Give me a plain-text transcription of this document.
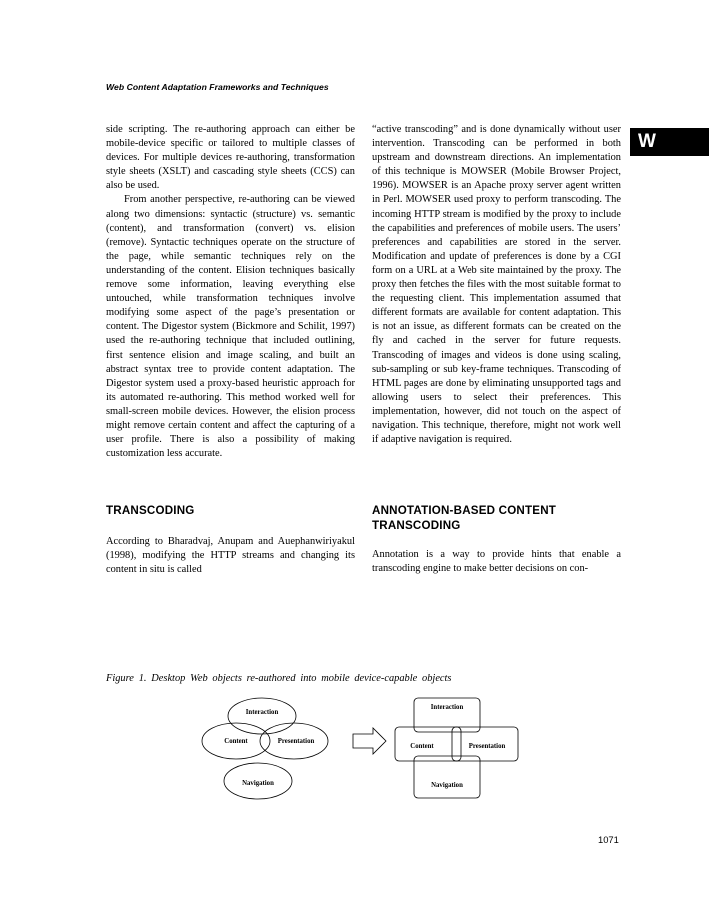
Web Content Adaptation Frameworks and Techniques
W

side scripting. The re-authoring approach can either be mobile-device specific or tailored to multiple classes of devices. For multiple devices re-authoring, transformation style sheets (XSLT) and cascading style sheets (CCS) can also be used.

From another perspective, re-authoring can be viewed along two dimensions: syntactic (structure) vs. semantic (content), and transformation (convert) vs. elision (remove). Syntactic techniques operate on the structure of the page, while semantic techniques rely on the understanding of the content. Elision techniques basically remove some information, leaving everything else untouched, while transformation techniques involve modifying some aspect of the page’s presentation or content. The Digestor system (Bickmore and Schilit, 1997) used the re-authoring technique that included outlining, first sentence elision and image scaling, and built an abstract syntax tree to provide content adaptation. The Digestor system used a proxy-based heuristic approach for its automated re-authoring. This method worked well for small-screen mobile devices. However, the elision process might remove certain content and affect the capturing of a user profile. There is also a possibility of making customization less accurate.

“active transcoding” and is done dynamically without user intervention. Transcoding can be performed in both upstream and downstream directions. An implementation of this technique is MOWSER (Mobile Browser Project, 1996). MOWSER is an Apache proxy server agent written in Perl. MOWSER used proxy to perform transcoding. The incoming HTTP stream is modified by the proxy to include the capabilities and preferences of mobile users. The users’ preferences and capabilities are stored in the server. Modification and update of preferences is done by a CGI form on a URL at a Web site maintained by the proxy. The proxy then fetches the files with the most suitable format to the requesting client. This implementation assumed that different formats are available for content adaptation. This is not an issue, as different formats can be created on the fly and cached in the server for future requests. Transcoding of images and videos is done using scaling, sub-sampling or sub key-frame techniques. Transcoding of HTML pages are done by eliminating unsupported tags and allowing users to select their preferences. This implementation, however, did not touch on the aspect of navigation. This technique, therefore, might not work well if adaptive navigation is required.

TRANSCODING	ANNOTATION-BASED CONTENT TRANSCODING
According to Bharadvaj, Anupam and Auephanwiriyakul (1998), modifying the HTTP streams and changing its content in situ is called
Annotation is a way to provide hints that enable a transcoding engine to make better decisions on con-
Figure 1. Desktop Web objects re-authored into mobile device-capable objects
Interaction
Content	Presentation
Navigation
Interaction
Content	Presentation
Navigation
1071
